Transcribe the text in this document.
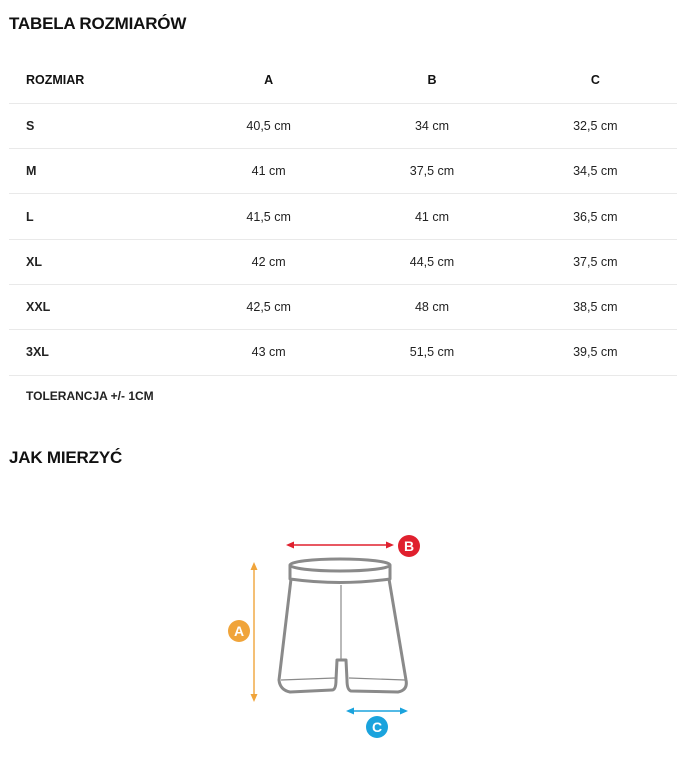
TABELA ROZMIARÓW
ROZMIAR	A	B	C
S	40,5 cm	34 cm	32,5 cm
M	41 cm	37,5 cm	34,5 cm
L	41,5 cm	41 cm	36,5 cm
XL	42 cm	44,5 cm	37,5 cm
XXL	42,5 cm	48 cm	38,5 cm
3XL	43 cm	51,5 cm	39,5 cm
TOLERANCJA +/- 1CM			
JAK MIERZYĆ
B
A
C
